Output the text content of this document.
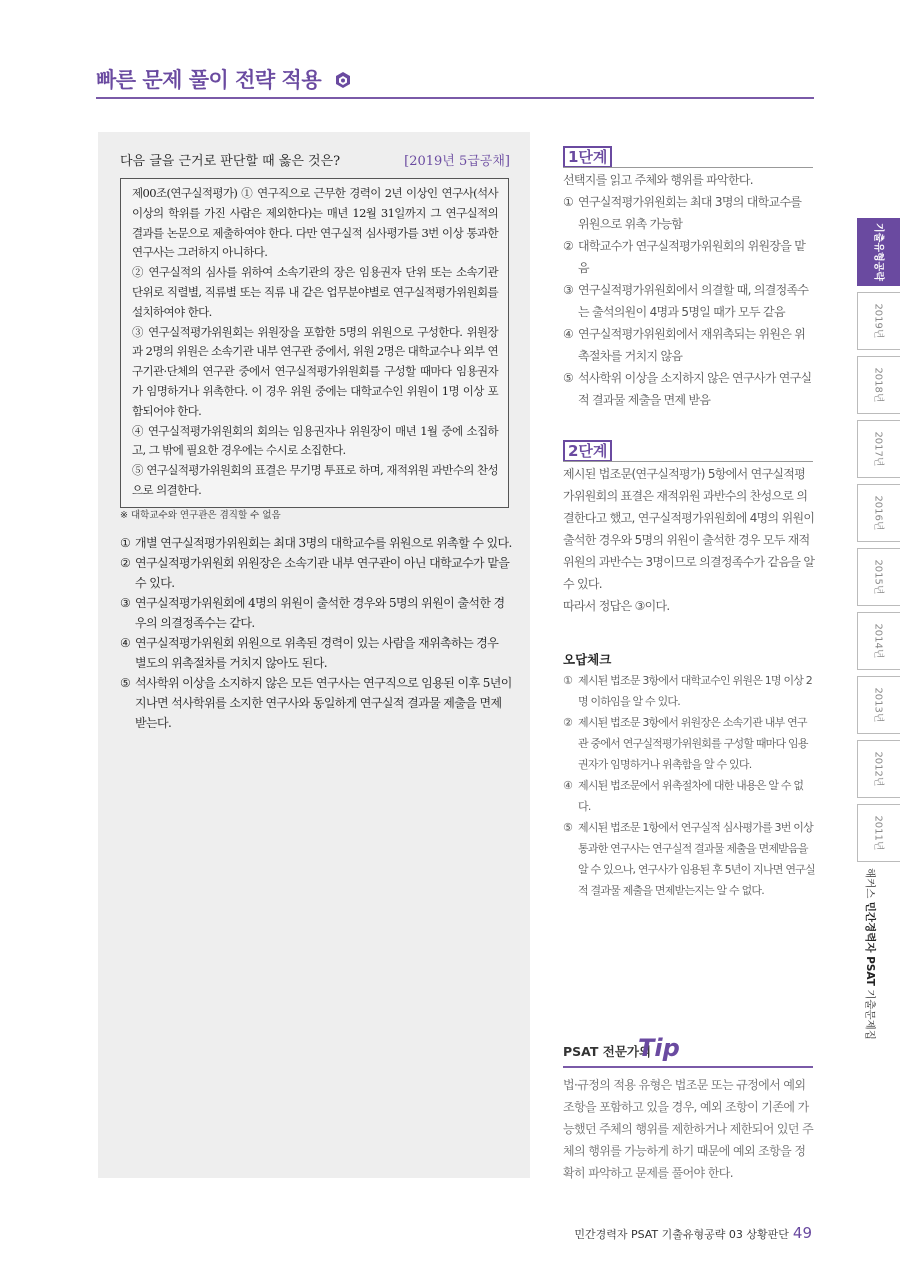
빠른 문제 풀이 전략 적용
다음 글을 근거로 판단할 때 옳은 것은?	[2019년 5급공채]

제00조(연구실적평가) ① 연구직으로 근무한 경력이 2년 이상인 연구사(석사 이상의 학위를 가진 사람은 제외한다)는 매년 12월 31일까지 그 연구실적의 결과를 논문으로 제출하여야 한다. 다만 연구실적 심사평가를 3번 이상 통과한 연구사는 그러하지 아니하다.

② 연구실적의 심사를 위하여 소속기관의 장은 임용권자 단위 또는 소속기관 단위로 직렬별, 직류별 또는 직류 내 같은 업무분야별로 연구실적평가위원회를 설치하여야 한다.

③ 연구실적평가위원회는 위원장을 포함한 5명의 위원으로 구성한다. 위원장과 2명의 위원은 소속기관 내부 연구관 중에서, 위원 2명은 대학교수나 외부 연구기관·단체의 연구관 중에서 연구실적평가위원회를 구성할 때마다 임용권자가 임명하거나 위촉한다. 이 경우 위원 중에는 대학교수인 위원이 1명 이상 포함되어야 한다.

④ 연구실적평가위원회의 회의는 임용권자나 위원장이 매년 1월 중에 소집하고, 그 밖에 필요한 경우에는 수시로 소집한다.

⑤ 연구실적평가위원회의 표결은 무기명 투표로 하며, 재적위원 과반수의 찬성으로 의결한다.

※ 대학교수와 연구관은 겸직할 수 없음
① 개별 연구실적평가위원회는 최대 3명의 대학교수를 위원으로 위촉할 수 있다.
② 연구실적평가위원회 위원장은 소속기관 내부 연구관이 아닌 대학교수가 맡을 수 있다.
③ 연구실적평가위원회에 4명의 위원이 출석한 경우와 5명의 위원이 출석한 경우의 의결정족수는 같다.
④ 연구실적평가위원회 위원으로 위촉된 경력이 있는 사람을 재위촉하는 경우 별도의 위촉절차를 거치지 않아도 된다.
⑤ 석사학위 이상을 소지하지 않은 모든 연구사는 연구직으로 임용된 이후 5년이 지나면 석사학위를 소지한 연구사와 동일하게 연구실적 결과물 제출을 면제받는다.
1단계

선택지를 읽고 주체와 행위를 파악한다.

① 연구실적평가위원회는 최대 3명의 대학교수를 위원으로 위촉 가능함
② 대학교수가 연구실적평가위원회의 위원장을 맡음
③ 연구실적평가위원회에서 의결할 때, 의결정족수는 출석의원이 4명과 5명일 때가 모두 같음
④ 연구실적평가위원회에서 재위촉되는 위원은 위촉절차를 거치지 않음
⑤ 석사학위 이상을 소지하지 않은 연구사가 연구실적 결과물 제출을 면제 받음
2단계

제시된 법조문(연구실적평가) 5항에서 연구실적평가위원회의 표결은 재적위원 과반수의 찬성으로 의결한다고 했고, 연구실적평가위원회에 4명의 위원이 출석한 경우와 5명의 위원이 출석한 경우 모두 재적위원의 과반수는 3명이므로 의결정족수가 같음을 알 수 있다.

따라서 정답은 ③이다.

오답체크
① 제시된 법조문 3항에서 대학교수인 위원은 1명 이상 2명 이하임을 알 수 있다.
② 제시된 법조문 3항에서 위원장은 소속기관 내부 연구관 중에서 연구실적평가위원회를 구성할 때마다 임용권자가 임명하거나 위촉함을 알 수 있다.
④ 제시된 법조문에서 위촉절차에 대한 내용은 알 수 없다.
⑤ 제시된 법조문 1항에서 연구실적 심사평가를 3번 이상 통과한 연구사는 연구실적 결과물 제출을 면제받음을 알 수 있으나, 연구사가 임용된 후 5년이 지나면 연구실적 결과물 제출을 면제받는지는 알 수 없다.
PSAT 전문가의
Tip
법·규정의 적용 유형은 법조문 또는 규정에서 예외 조항을 포함하고 있을 경우, 예외 조항이 기존에 가능했던 주체의 행위를 제한하거나 제한되어 있던 주체의 행위를 가능하게 하기 때문에 예외 조항을 정확히 파악하고 문제를 풀어야 한다.
기출유형공략
2019년
2018년
2017년
2016년
2015년
2014년
2013년
2012년
2011년
해커스 민간경력자 PSAT 기출문제집
민간경력자 PSAT 기출유형공략 03 상황판단 49
